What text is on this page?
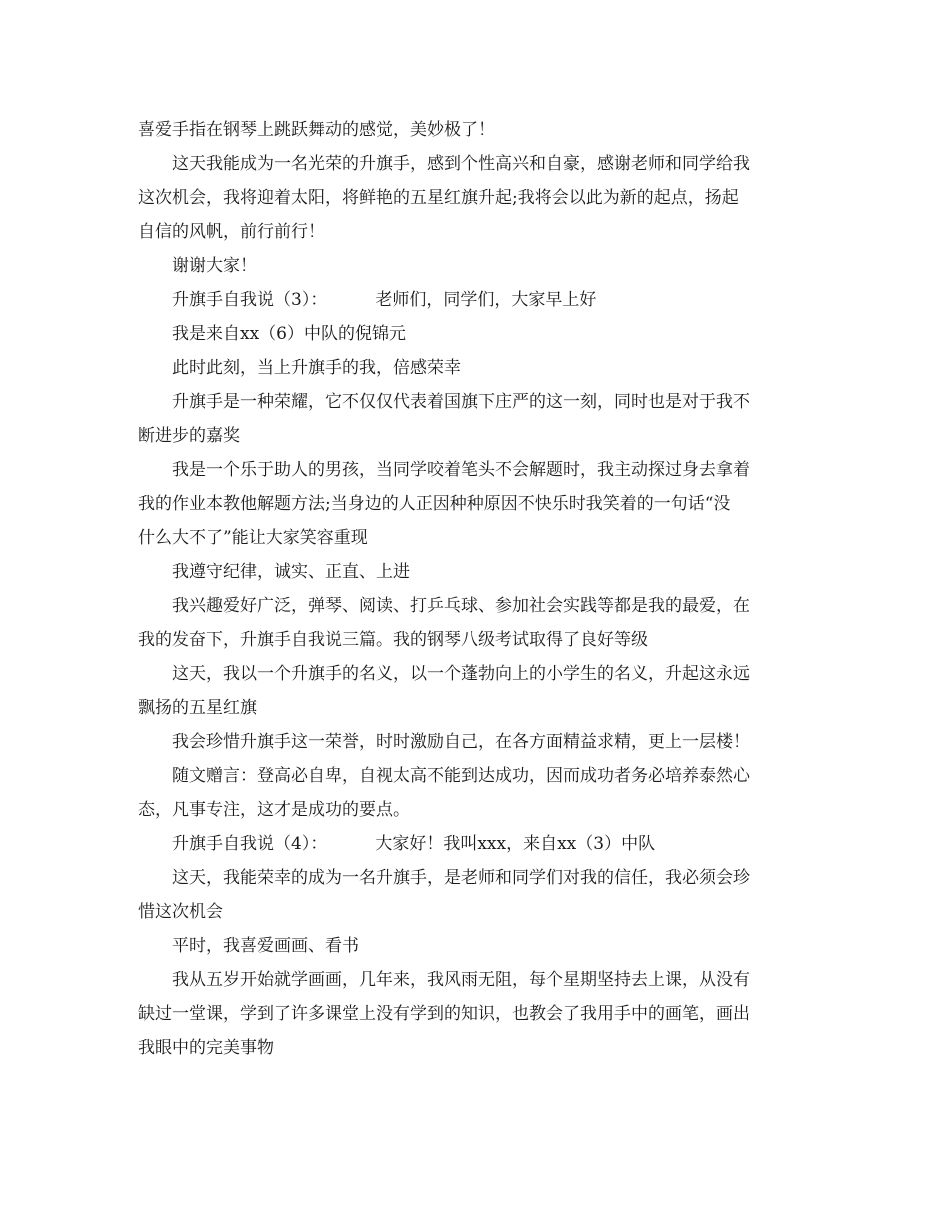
喜爱手指在钢琴上跳跃舞动的感觉，美妙极了！
这天我能成为一名光荣的升旗手，感到个性高兴和自豪，感谢老师和同学给我
这次机会，我将迎着太阳，将鲜艳的五星红旗升起;我将会以此为新的起点，扬起
自信的风帆，前行前行！
谢谢大家！
升旗手自我说（3）：	老师们，同学们，大家早上好
我是来自xx（6）中队的倪锦元
此时此刻，当上升旗手的我，倍感荣幸
升旗手是一种荣耀，它不仅仅代表着国旗下庄严的这一刻，同时也是对于我不
断进步的嘉奖
我是一个乐于助人的男孩，当同学咬着笔头不会解题时，我主动探过身去拿着
我的作业本教他解题方法;当身边的人正因种种原因不快乐时我笑着的一句话“没
什么大不了”能让大家笑容重现
我遵守纪律，诚实、正直、上进
我兴趣爱好广泛，弹琴、阅读、打乒乓球、参加社会实践等都是我的最爱，在
我的发奋下，升旗手自我说三篇。我的钢琴八级考试取得了良好等级
这天，我以一个升旗手的名义，以一个蓬勃向上的小学生的名义，升起这永远
飘扬的五星红旗
我会珍惜升旗手这一荣誉，时时激励自己，在各方面精益求精，更上一层楼！
随文赠言：登高必自卑，自视太高不能到达成功，因而成功者务必培养泰然心
态，凡事专注，这才是成功的要点。
升旗手自我说（4）：	大家好！我叫xxx，来自xx（3）中队
这天，我能荣幸的成为一名升旗手，是老师和同学们对我的信任，我必须会珍
惜这次机会
平时，我喜爱画画、看书
我从五岁开始就学画画，几年来，我风雨无阻，每个星期坚持去上课，从没有
缺过一堂课，学到了许多课堂上没有学到的知识，也教会了我用手中的画笔，画出
我眼中的完美事物
